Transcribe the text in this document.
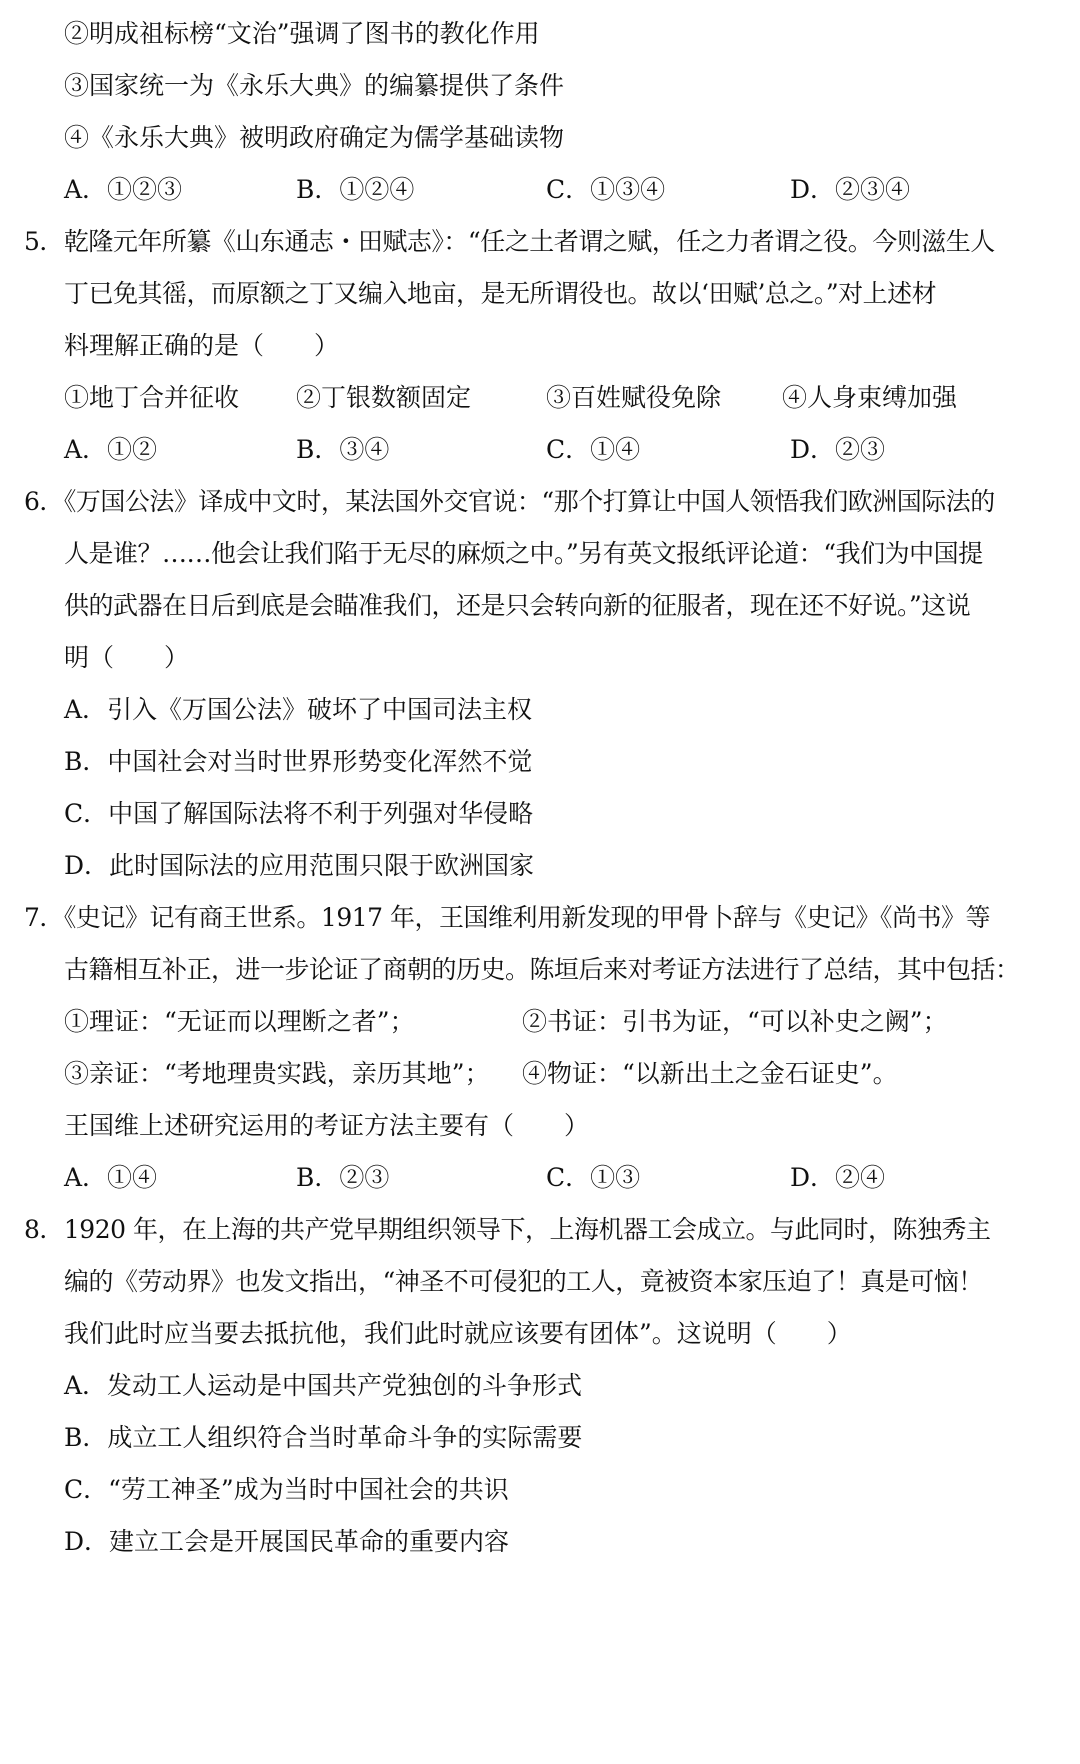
②明成祖标榜“文治”强调了图书的教化作用
③国家统一为《永乐大典》的编纂提供了条件
④《永乐大典》被明政府确定为儒学基础读物
A．①②③	B．①②④	C．①③④	D．②③④
5．乾隆元年所纂《山东通志・田赋志》：“任之土者谓之赋，任之力者谓之役。今则滋生人
丁已免其徭，而原额之丁又编入地亩，是无所谓役也。故以‘田赋’总之。”对上述材
料理解正确的是（　　）
①地丁合并征收 ②丁银数额固定	③百姓赋役免除 ④人身束缚加强
A．①②	B．③④	C．①④	D．②③
6．《万国公法》译成中文时，某法国外交官说：“那个打算让中国人领悟我们欧洲国际法的
人是谁？……他会让我们陷于无尽的麻烦之中。”另有英文报纸评论道：“我们为中国提
供的武器在日后到底是会瞄准我们，还是只会转向新的征服者，现在还不好说。”这说
明（　　）
A．引入《万国公法》破坏了中国司法主权
B．中国社会对当时世界形势变化浑然不觉
C．中国了解国际法将不利于列强对华侵略
D．此时国际法的应用范围只限于欧洲国家
7．《史记》记有商王世系。1917 年，王国维利用新发现的甲骨卜辞与《史记》《尚书》等
古籍相互补正，进一步论证了商朝的历史。陈垣后来对考证方法进行了总结，其中包括：
①理证：“无证而以理断之者”；	②书证：引书为证，“可以补史之阙”；
③亲证：“考地理贵实践，亲历其地”； ④物证：“以新出土之金石证史”。
王国维上述研究运用的考证方法主要有（　　）
A．①④	B．②③	C．①③	D．②④
8．1920 年，在上海的共产党早期组织领导下，上海机器工会成立。与此同时，陈独秀主
编的《劳动界》也发文指出，“神圣不可侵犯的工人，竟被资本家压迫了！真是可恼！
我们此时应当要去抵抗他，我们此时就应该要有团体”。这说明（　　）
A．发动工人运动是中国共产党独创的斗争形式
B．成立工人组织符合当时革命斗争的实际需要
C．“劳工神圣”成为当时中国社会的共识
D．建立工会是开展国民革命的重要内容
